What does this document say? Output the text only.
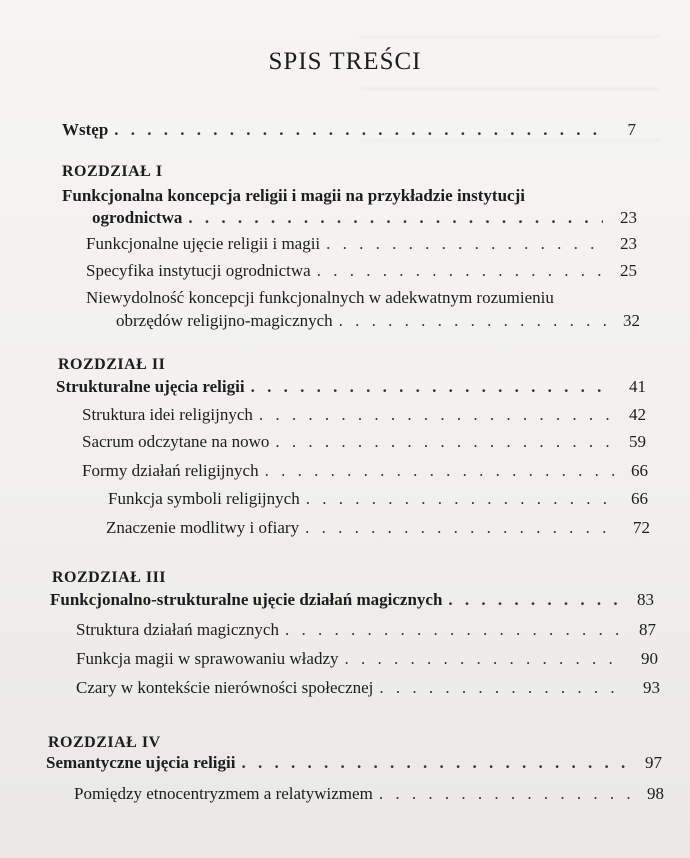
SPIS TREŚCI
Wstęp . . .	7
ROZDZIAŁ I
Funkcjonalna koncepcja religii i magii na przykładzie instytucji
ogrodnictwa . . .	23
Funkcjonalne ujęcie religii i magii . . .	23
Specyfika instytucji ogrodnictwa . . .	25
Niewydolność koncepcji funkcjonalnych w adekwatnym rozumieniu
obrzędów religijno-magicznych . . .	32
ROZDZIAŁ II
Strukturalne ujęcia religii . . .	41
Struktura idei religijnych . . .	42
Sacrum odczytane na nowo . . .	59
Formy działań religijnych . . .	66
Funkcja symboli religijnych . . .	66
Znaczenie modlitwy i ofiary . . .	72
ROZDZIAŁ III
Funkcjonalno-strukturalne ujęcie działań magicznych . . .	83
Struktura działań magicznych . . .	87
Funkcja magii w sprawowaniu władzy . . .	90
Czary w kontekście nierówności społecznej . . .	93
ROZDZIAŁ IV
Semantyczne ujęcia religii . . .	97
Pomiędzy etnocentryzmem a relatywizmem . . .	98
